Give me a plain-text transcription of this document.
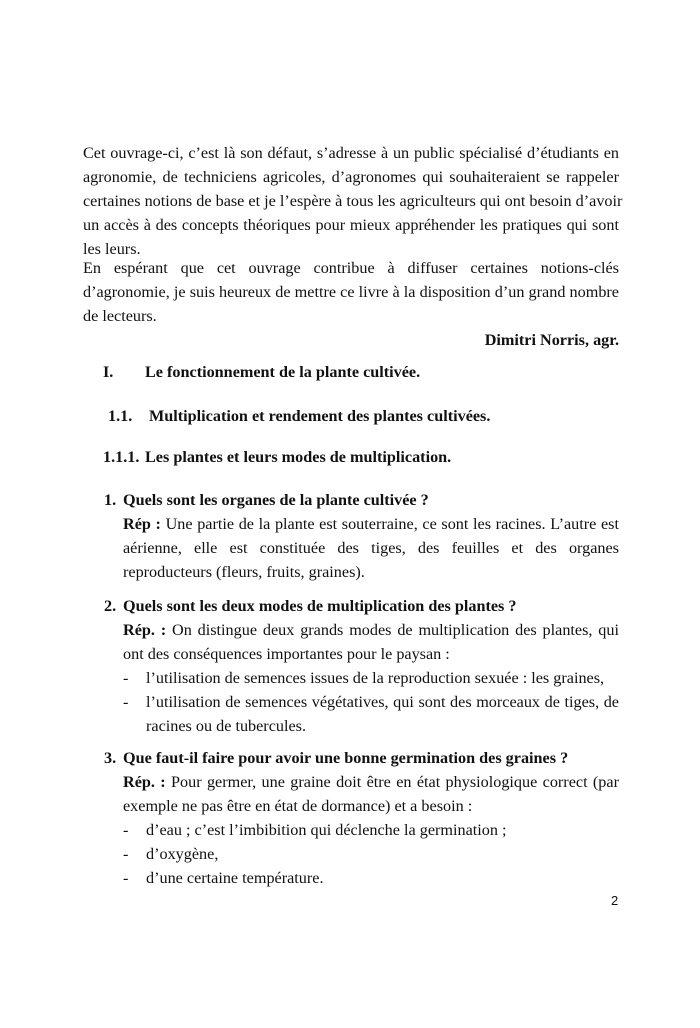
Cet ouvrage-ci, c’est là son défaut, s’adresse à un public spécialisé d’étudiants en
agronomie, de techniciens agricoles, d’agronomes qui souhaiteraient se rappeler
certaines notions de base et je l’espère à tous les agriculteurs qui ont besoin d’avoir
un accès à des concepts théoriques pour mieux appréhender les pratiques qui sont
les leurs.
En espérant que cet ouvrage contribue à diffuser certaines notions-clés
d’agronomie, je suis heureux de mettre ce livre à la disposition d’un grand nombre
de lecteurs.
Dimitri Norris, agr.
I. Le fonctionnement de la plante cultivée.
1.1. Multiplication et rendement des plantes cultivées.
1.1.1. Les plantes et leurs modes de multiplication.
1. Quels sont les organes de la plante cultivée ?
Rép : Une partie de la plante est souterraine, ce sont les racines. L’autre est
aérienne, elle est constituée des tiges, des feuilles et des organes
reproducteurs (fleurs, fruits, graines).
2. Quels sont les deux modes de multiplication des plantes ?
Rép. : On distingue deux grands modes de multiplication des plantes, qui
ont des conséquences importantes pour le paysan :
- l’utilisation de semences issues de la reproduction sexuée : les graines,
- l’utilisation de semences végétatives, qui sont des morceaux de tiges, de
racines ou de tubercules.
3. Que faut-il faire pour avoir une bonne germination des graines ?
Rép. : Pour germer, une graine doit être en état physiologique correct (par
exemple ne pas être en état de dormance) et a besoin :
- d’eau ; c’est l’imbibition qui déclenche la germination ;
- d’oxygène,
- d’une certaine température.
2
